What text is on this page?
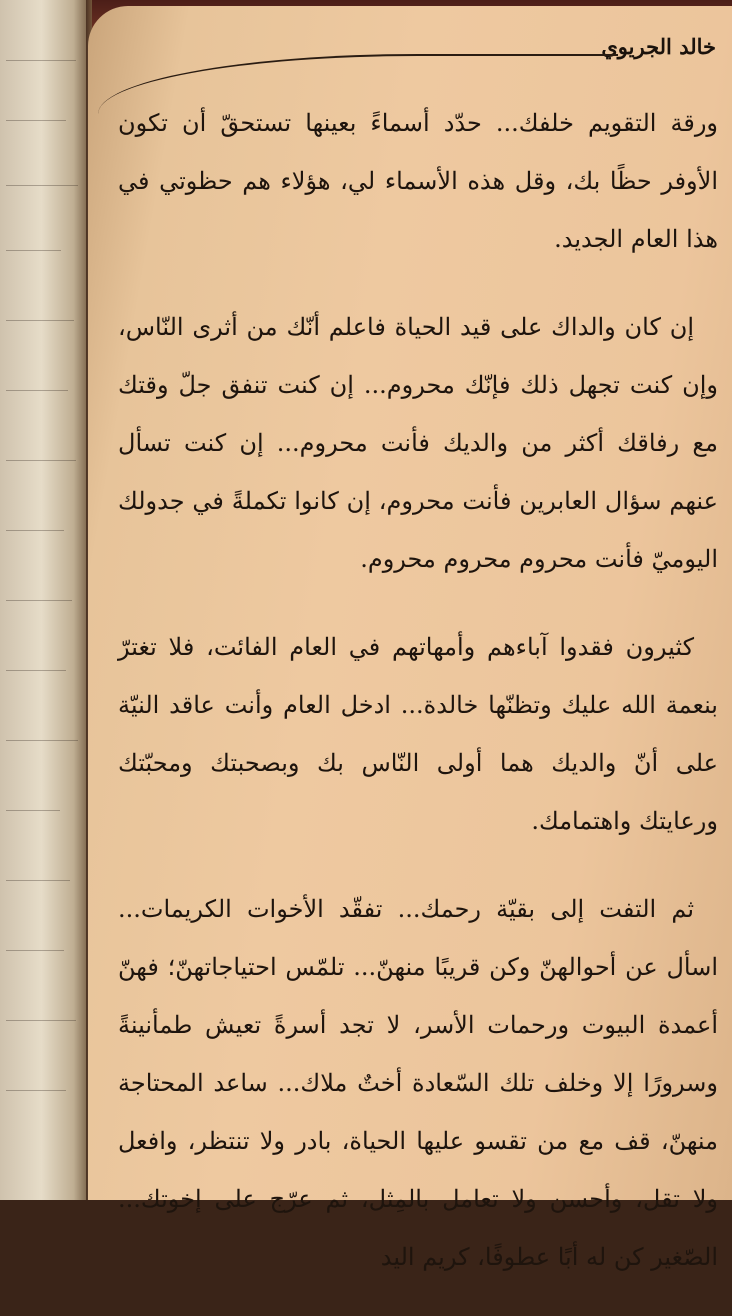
خالد الجريوي

ورقة التقويم خلفك... حدّد أسماءً بعينها تستحقّ أن تكون الأوفر حظًا بك، وقل هذه الأسماء لي، هؤلاء هم حظوتي في هذا العام الجديد.

إن كان والداك على قيد الحياة فاعلم أنّك من أثرى النّاس، وإن كنت تجهل ذلك فإنّك محروم... إن كنت تنفق جلّ وقتك مع رفاقك أكثر من والديك فأنت محروم... إن كنت تسأل عنهم سؤال العابرين فأنت محروم، إن كانوا تكملةً في جدولك اليوميّ فأنت محروم محروم محروم.

كثيرون فقدوا آباءهم وأمهاتهم في العام الفائت، فلا تغترّ بنعمة الله عليك وتظنّها خالدة... ادخل العام وأنت عاقد النيّة على أنّ والديك هما أولى النّاس بك وبصحبتك ومحبّتك ورعايتك واهتمامك.

ثم التفت إلى بقيّة رحمك... تفقّد الأخوات الكريمات... اسأل عن أحوالهنّ وكن قريبًا منهنّ... تلمّس احتياجاتهنّ؛ فهنّ أعمدة البيوت ورحمات الأسر، لا تجد أسرةً تعيش طمأنينةً وسرورًا إلا وخلف تلك السّعادة أختٌ ملاك... ساعد المحتاجة منهنّ، قف مع من تقسو عليها الحياة، بادر ولا تنتظر، وافعل ولا تقل، وأحسن ولا تعامل بالمِثل، ثم عرّج على إخوتك... الصّغير كن له أبًا عطوفًا، كريم اليد
